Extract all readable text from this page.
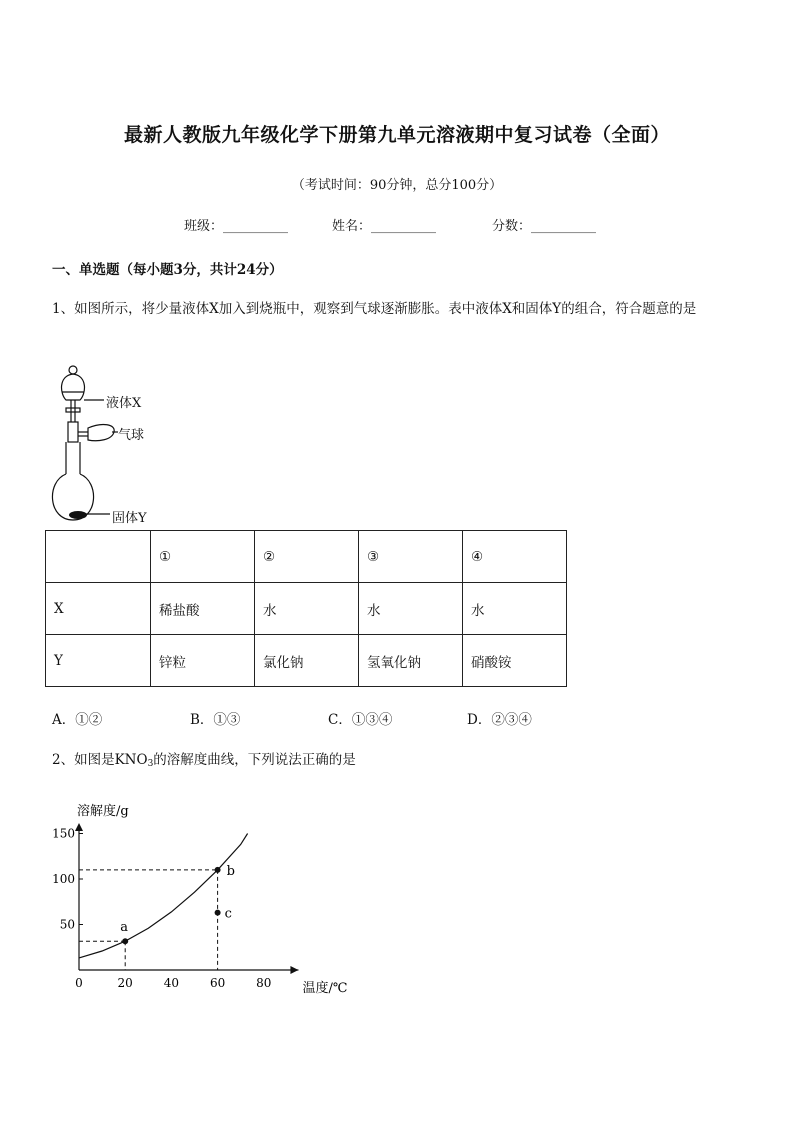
最新人教版九年级化学下册第九单元溶液期中复习试卷（全面）
（考试时间：90分钟，总分100分）
班级：__________	姓名：__________	分数：__________
一、单选题（每小题3分，共计24分）
1、如图所示，将少量液体X加入到烧瓶中，观察到气球逐渐膨胀。表中液体X和固体Y的组合，符合题意的是
液体X
气球
固体Y
	①	②	③	④
X	稀盐酸	水	水	水
Y	锌粒	氯化钠	氢氧化钠	硝酸铵
A．①②	B．①③	C．①③④	D．②③④
2、如图是KNO3的溶解度曲线，下列说法正确的是
0	20	40	60	80
50
100
150
溶解度/g
温度/℃
a
b
c
